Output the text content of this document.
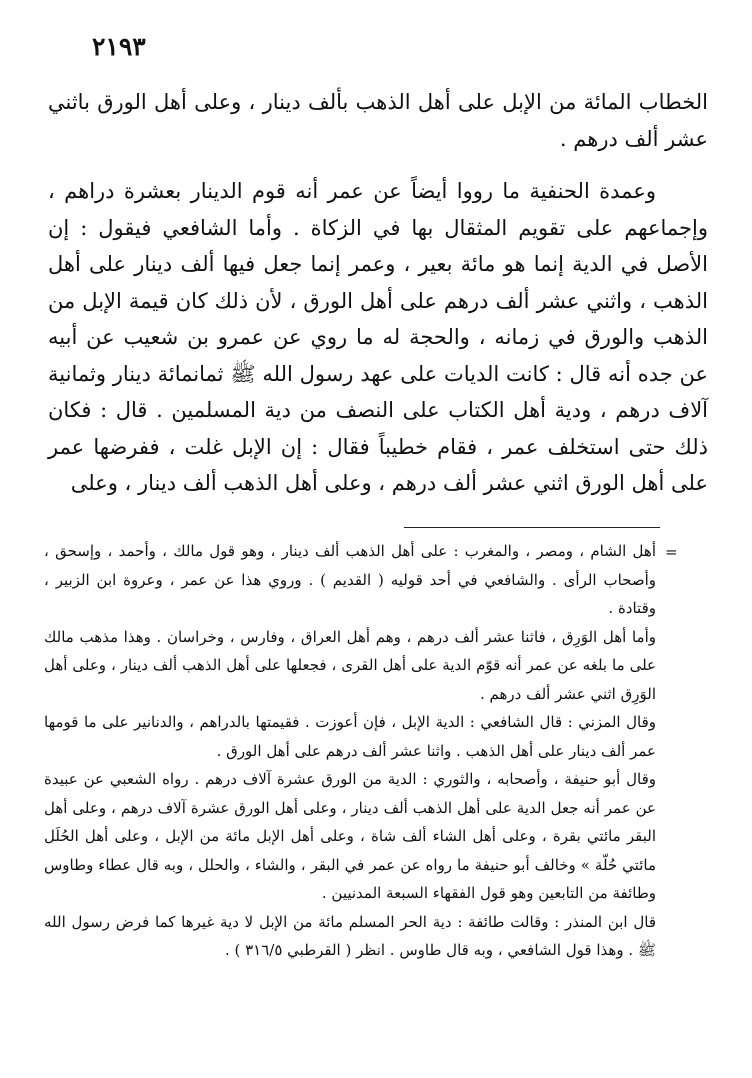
٢١٩٣

الخطاب المائة من الإبل على أهل الذهب بألف دينار ، وعلى أهل الورق باثني عشر ألف درهم .

وعمدة الحنفية ما رووا أيضاً عن عمر أنه قوم الدينار بعشرة دراهم ، وإجماعهم على تقويم المثقال بها في الزكاة . وأما الشافعي فيقول : إن الأصل في الدية إنما هو مائة بعير ، وعمر إنما جعل فيها ألف دينار على أهل الذهب ، واثني عشر ألف درهم على أهل الورق ، لأن ذلك كان قيمة الإبل من الذهب والورق في زمانه ، والحجة له ما روي عن عمرو بن شعيب عن أبيه عن جده أنه قال : كانت الديات على عهد رسول الله ﷺ ثمانمائة دينار وثمانية آلاف درهم ، ودية أهل الكتاب على النصف من دية المسلمين . قال : فكان ذلك حتى استخلف عمر ، فقام خطيباً فقال : إن الإبل غلت ، ففرضها عمر على أهل الورق اثني عشر ألف درهم ، وعلى أهل الذهب ألف دينار ، وعلى

=

أهل الشام ، ومصر ، والمغرب : على أهل الذهب ألف دينار ، وهو قول مالك ، وأحمد ، وإسحق ، وأصحاب الرأى . والشافعي في أحد قوليه ( القديم ) . وروي هذا عن عمر ، وعروة ابن الزبير ، وقتادة .

وأما أهل الوَرِق ، فاثنا عشر ألف درهم ، وهم أهل العراق ، وفارس ، وخراسان . وهذا مذهب مالك على ما بلغه عن عمر أنه قوّم الدية على أهل القرى ، فجعلها على أهل الذهب ألف دينار ، وعلى أهل الوَرِق اثني عشر ألف درهم .

وقال المزني : قال الشافعي : الدية الإبل ، فإن أعوزت . فقيمتها بالدراهم ، والدنانير على ما قومها عمر ألف دينار على أهل الذهب . واثنا عشر ألف درهم على أهل الورق .

وقال أبو حنيفة ، وأصحابه ، والثوري : الدية من الورق عشرة آلاف درهم . رواه الشعبي عن عبيدة عن عمر أنه جعل الدية على أهل الذهب ألف دينار ، وعلى أهل الورق عشرة آلاف درهم ، وعلى أهل البقر مائتي بقرة ، وعلى أهل الشاء ألف شاة ، وعلى أهل الإبل مائة من الإبل ، وعلى أهل الحُلَل مائتي حُلّة » وخالف أبو حنيفة ما رواه عن عمر في البقر ، والشاء ، والحلل ، وبه قال عطاء وطاوس وطائفة من التابعين وهو قول الفقهاء السبعة المدنيين .

قال ابن المنذر : وقالت طائفة : دية الحر المسلم مائة من الإبل لا دية غيرها كما فرض رسول الله ﷺ . وهذا قول الشافعي ، وبه قال طاوس . انظر ( القرطبي ٣١٦/٥ ) .
